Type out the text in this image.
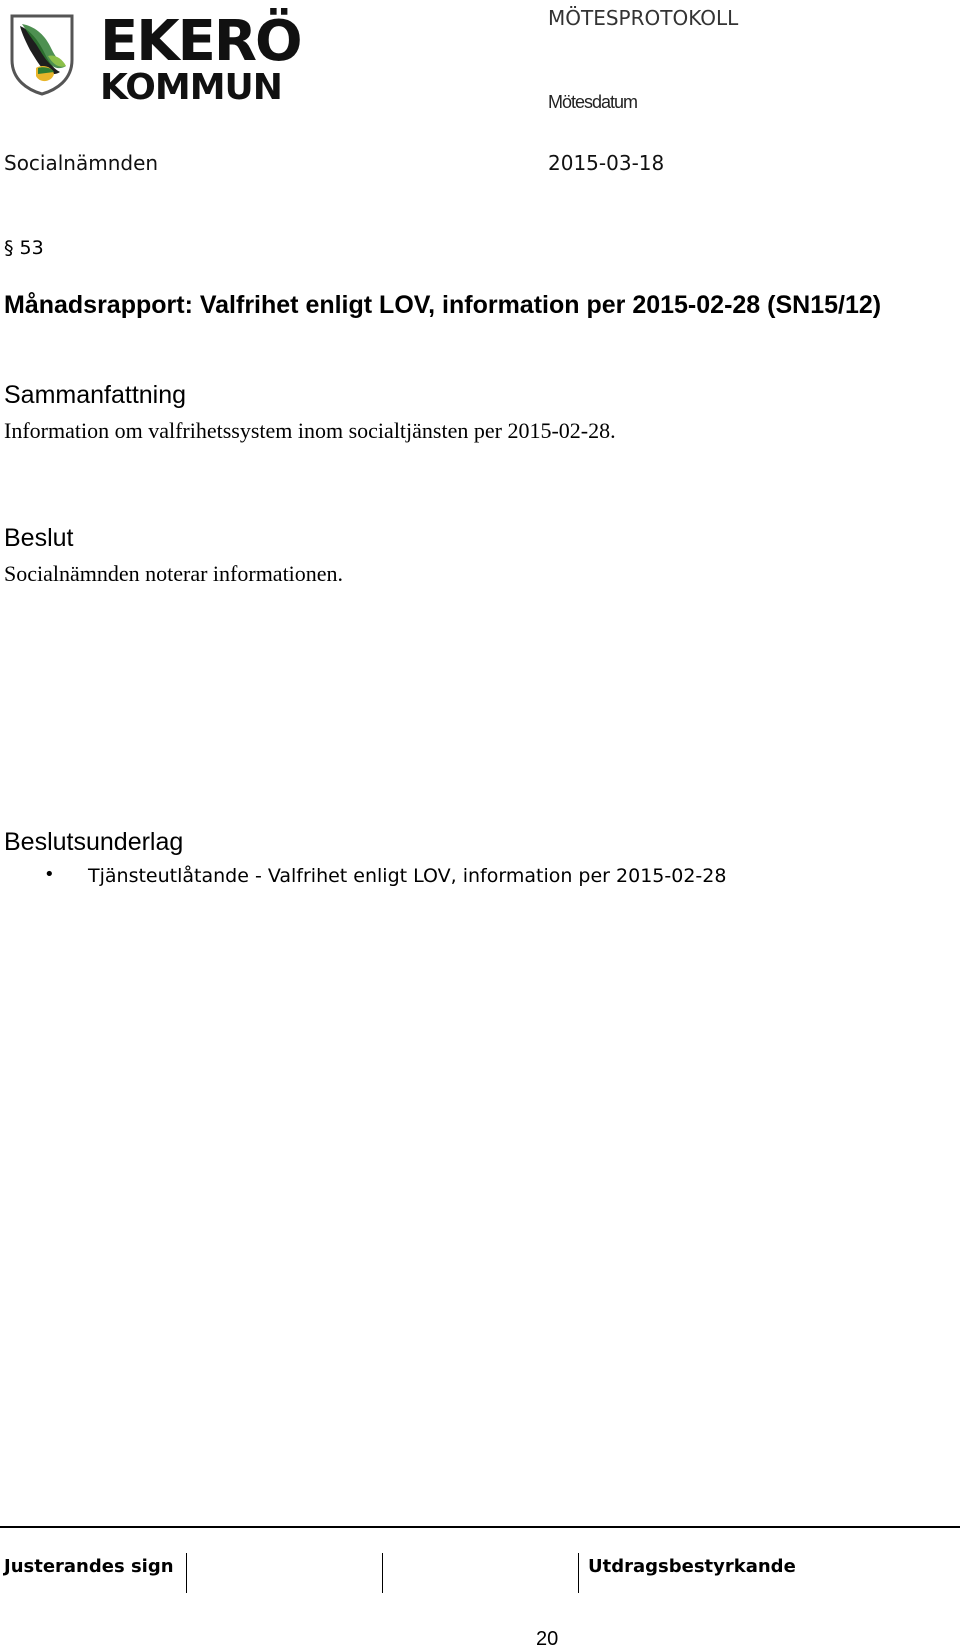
EKERÖ
KOMMUN
MÖTESPROTOKOLL
Mötesdatum
Socialnämnden	2015-03-18
§ 53
Månadsrapport: Valfrihet enligt LOV, information per 2015-02-28 (SN15/12)
Sammanfattning
Information om valfrihetssystem inom socialtjänsten per 2015-02-28.
Beslut
Socialnämnden noterar informationen.
Beslutsunderlag
• Tjänsteutlåtande - Valfrihet enligt LOV, information per 2015-02-28
Justerandes sign	Utdragsbestyrkande
20
